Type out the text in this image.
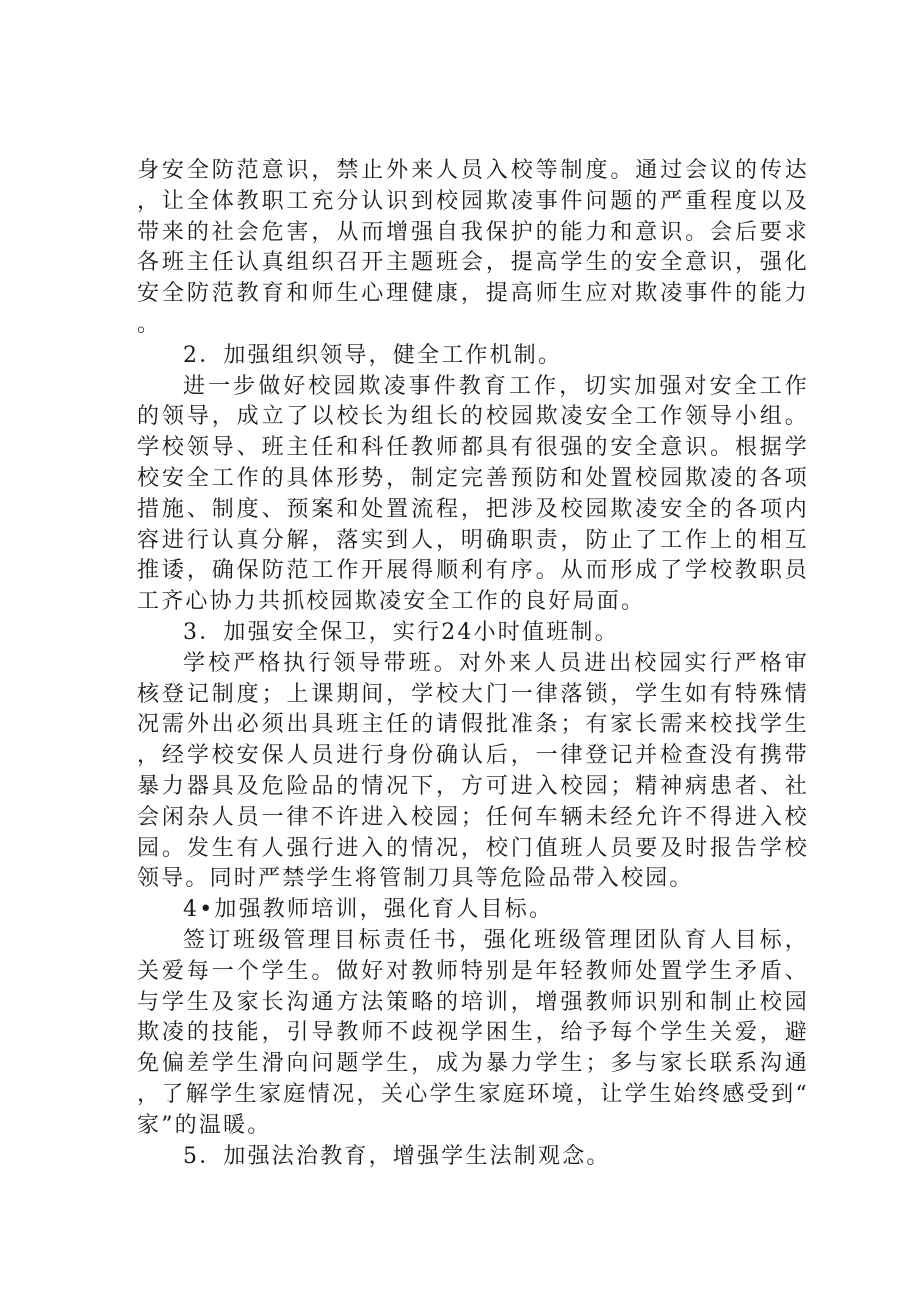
身安全防范意识，禁止外来人员入校等制度。通过会议的传达，让全体教职工充分认识到校园欺凌事件问题的严重程度以及带来的社会危害，从而增强自我保护的能力和意识。会后要求各班主任认真组织召开主题班会，提高学生的安全意识，强化安全防范教育和师生心理健康，提高师生应对欺凌事件的能力。

2．加强组织领导，健全工作机制。

进一步做好校园欺凌事件教育工作，切实加强对安全工作的领导，成立了以校长为组长的校园欺凌安全工作领导小组。学校领导、班主任和科任教师都具有很强的安全意识。根据学校安全工作的具体形势，制定完善预防和处置校园欺凌的各项措施、制度、预案和处置流程，把涉及校园欺凌安全的各项内容进行认真分解，落实到人，明确职责，防止了工作上的相互推诿，确保防范工作开展得顺利有序。从而形成了学校教职员工齐心协力共抓校园欺凌安全工作的良好局面。

3．加强安全保卫，实行24小时值班制。

学校严格执行领导带班。对外来人员进出校园实行严格审核登记制度；上课期间，学校大门一律落锁，学生如有特殊情况需外出必须出具班主任的请假批准条；有家长需来校找学生，经学校安保人员进行身份确认后，一律登记并检查没有携带暴力器具及危险品的情况下，方可进入校园；精神病患者、社会闲杂人员一律不许进入校园；任何车辆未经允许不得进入校园。发生有人强行进入的情况，校门值班人员要及时报告学校领导。同时严禁学生将管制刀具等危险品带入校园。

4•加强教师培训，强化育人目标。

签订班级管理目标责任书，强化班级管理团队育人目标，关爱每一个学生。做好对教师特别是年轻教师处置学生矛盾、与学生及家长沟通方法策略的培训，增强教师识别和制止校园欺凌的技能，引导教师不歧视学困生，给予每个学生关爱，避免偏差学生滑向问题学生，成为暴力学生；多与家长联系沟通，了解学生家庭情况，关心学生家庭环境，让学生始终感受到“家”的温暖。

5．加强法治教育，增强学生法制观念。
